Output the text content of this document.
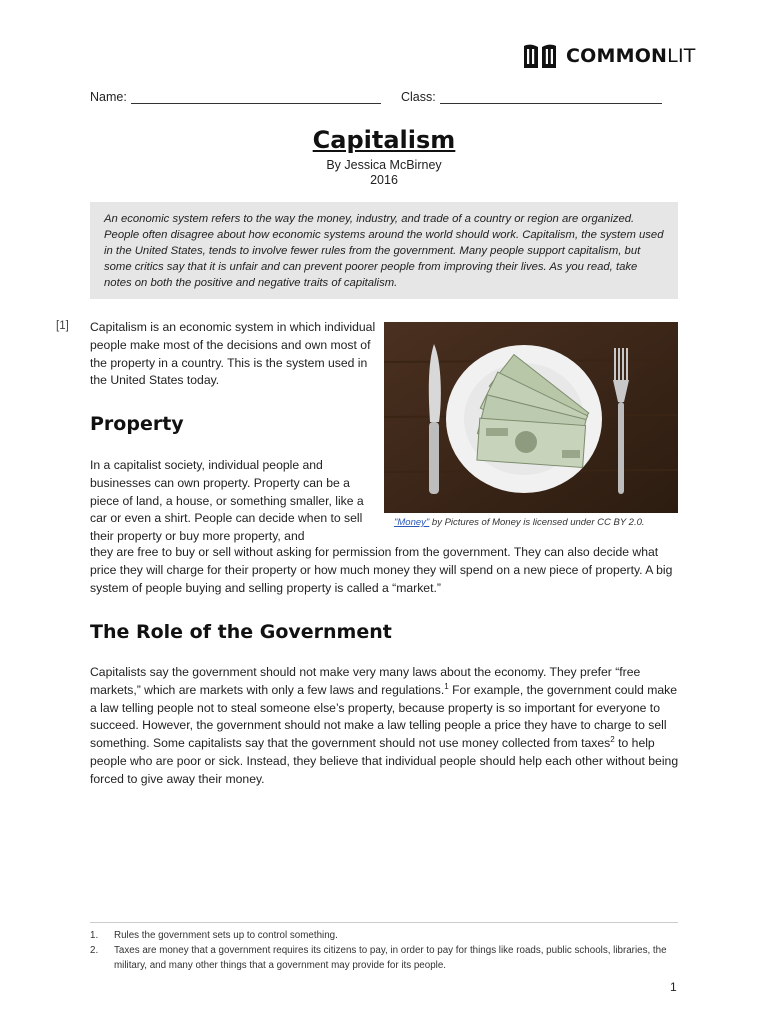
COMMONLIT
Name:	Class:
Capitalism
By Jessica McBirney
2016
An economic system refers to the way the money, industry, and trade of a country or region are organized. People often disagree about how economic systems around the world should work. Capitalism, the system used in the United States, tends to involve fewer rules from the government. Many people support capitalism, but some critics say that it is unfair and can prevent poorer people from improving their lives. As you read, take notes on both the positive and negative traits of capitalism.
[1] Capitalism is an economic system in which individual people make most of the decisions and own most of the property in a country. This is the system used in the United States today.
Property
In a capitalist society, individual people and businesses can own property. Property can be a piece of land, a house, or something smaller, like a car or even a shirt. People can decide when to sell their property or buy more property, and
they are free to buy or sell without asking for permission from the government. They can also decide what price they will charge for their property or how much money they will spend on a new piece of property. A big system of people buying and selling property is called a “market.”
"Money" by Pictures of Money is licensed under CC BY 2.0.
The Role of the Government
Capitalists say the government should not make very many laws about the economy. They prefer “free markets,” which are markets with only a few laws and regulations.$^1$ For example, the government could make a law telling people not to steal someone else’s property, because property is so important for everyone to succeed. However, the government should not make a law telling people a price they have to charge to sell something. Some capitalists say that the government should not use money collected from taxes$^2$ to help people who are poor or sick. Instead, they believe that individual people should help each other without being forced to give away their money.
1.	Rules the government sets up to control something.
2.	Taxes are money that a government requires its citizens to pay, in order to pay for things like roads, public schools, libraries, the military, and many other things that a government may provide for its people.
1
